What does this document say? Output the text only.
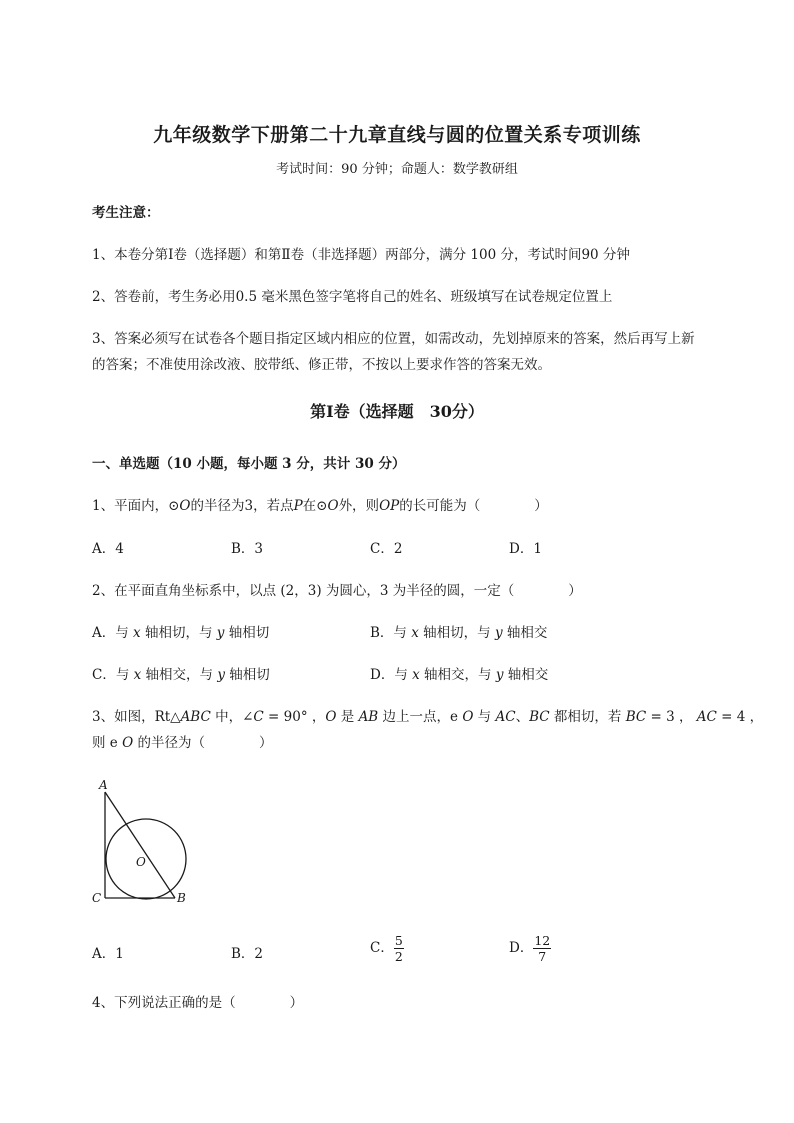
九年级数学下册第二十九章直线与圆的位置关系专项训练
考试时间：90 分钟；命题人：数学教研组
考生注意：
1、本卷分第Ⅰ卷（选择题）和第Ⅱ卷（非选择题）两部分，满分 100 分，考试时间90 分钟
2、答卷前，考生务必用0.5 毫米黑色签字笔将自己的姓名、班级填写在试卷规定位置上
3、答案必须写在试卷各个题目指定区域内相应的位置，如需改动，先划掉原来的答案，然后再写上新
的答案；不准使用涂改液、胶带纸、修正带，不按以上要求作答的答案无效。
第Ⅰ卷（选择题　30分）
一、单选题（10 小题，每小题 3 分，共计 30 分）
1、平面内，⊙O的半径为3，若点P在⊙O外，则OP的长可能为（　　　　）
A．4	B．3	C．2	D．1
2、在平面直角坐标系中，以点 (2，3) 为圆心，3 为半径的圆，一定（　　　　）
A．与 x 轴相切，与 y 轴相切	B．与 x 轴相切，与 y 轴相交
C．与 x 轴相交，与 y 轴相切	D．与 x 轴相交，与 y 轴相交
3、如图，Rt△ABC 中，∠C = 90° ，O 是 AB 边上一点，e O 与 AC、BC 都相切，若 BC = 3 ， AC = 4 ，
则 e O 的半径为（　　　　）
A
C	B
O
A．1	B．2	C． $\frac{5}{2}$	D． $\frac{12}{7}$
4、下列说法正确的是（　　　　）
